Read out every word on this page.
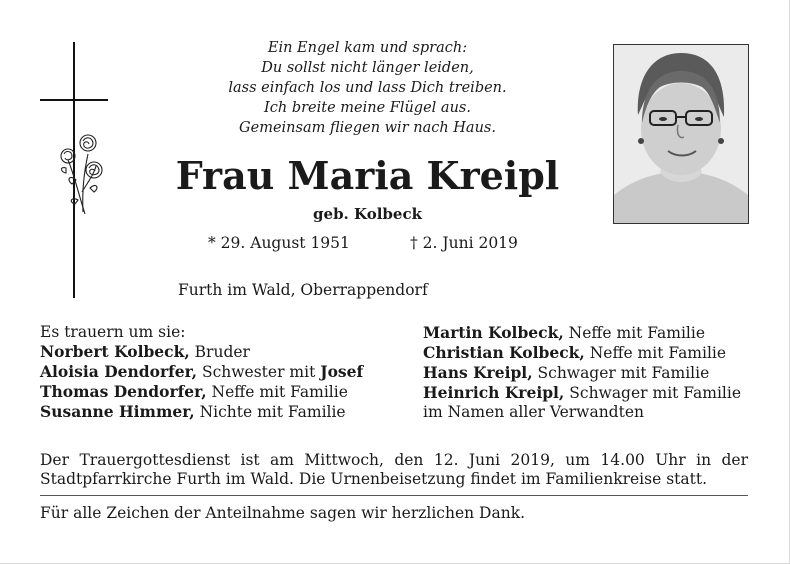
Ein Engel kam und sprach:
Du sollst nicht länger leiden,
lass einfach los und lass Dich treiben.
Ich breite meine Flügel aus.
Gemeinsam fliegen wir nach Haus.
Frau Maria Kreipl
geb. Kolbeck
* 29. August 1951	† 2. Juni 2019
Furth im Wald, Oberrappendorf
Es trauern um sie:
Norbert Kolbeck, Bruder
Aloisia Dendorfer, Schwester mit Josef
Thomas Dendorfer, Neffe mit Familie
Susanne Himmer, Nichte mit Familie
Martin Kolbeck, Neffe mit Familie
Christian Kolbeck, Neffe mit Familie
Hans Kreipl, Schwager mit Familie
Heinrich Kreipl, Schwager mit Familie
im Namen aller Verwandten
Der Trauergottesdienst ist am Mittwoch, den 12. Juni 2019, um 14.00 Uhr in der Stadtpfarrkirche Furth im Wald. Die Urnenbeisetzung findet im Familienkreise statt.
Für alle Zeichen der Anteilnahme sagen wir herzlichen Dank.
